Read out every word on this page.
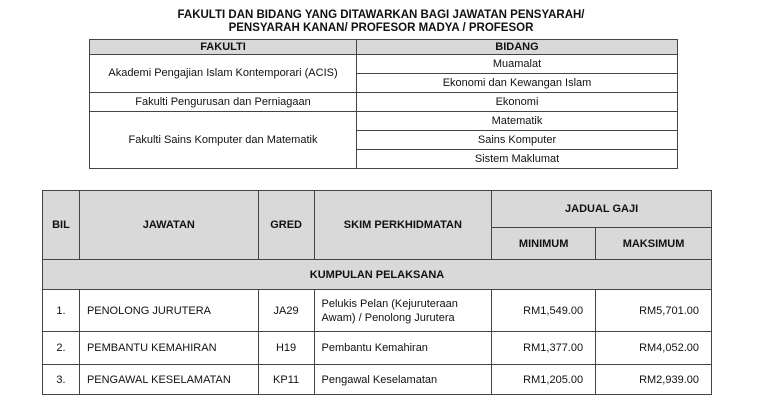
FAKULTI DAN BIDANG YANG DITAWARKAN BAGI JAWATAN PENSYARAH/
PENSYARAH KANAN/ PROFESOR MADYA / PROFESOR
FAKULTI	BIDANG
Akademi Pengajian Islam Kontemporari (ACIS)	Muamalat
	Ekonomi dan Kewangan Islam
Fakulti Pengurusan dan Perniagaan	Ekonomi
Fakulti Sains Komputer dan Matematik	Matematik
	Sains Komputer
	Sistem Maklumat
BIL	JAWATAN	GRED	SKIM PERKHIDMATAN	JADUAL GAJI	
				MINIMUM	MAKSIMUM
KUMPULAN PELAKSANA					
1.	PENOLONG JURUTERA	JA29	Pelukis Pelan (Kejuruteraan Awam) / Penolong Jurutera	RM1,549.00	RM5,701.00
2.	PEMBANTU KEMAHIRAN	H19	Pembantu Kemahiran	RM1,377.00	RM4,052.00
3.	PENGAWAL KESELAMATAN	KP11	Pengawal Keselamatan	RM1,205.00	RM2,939.00
